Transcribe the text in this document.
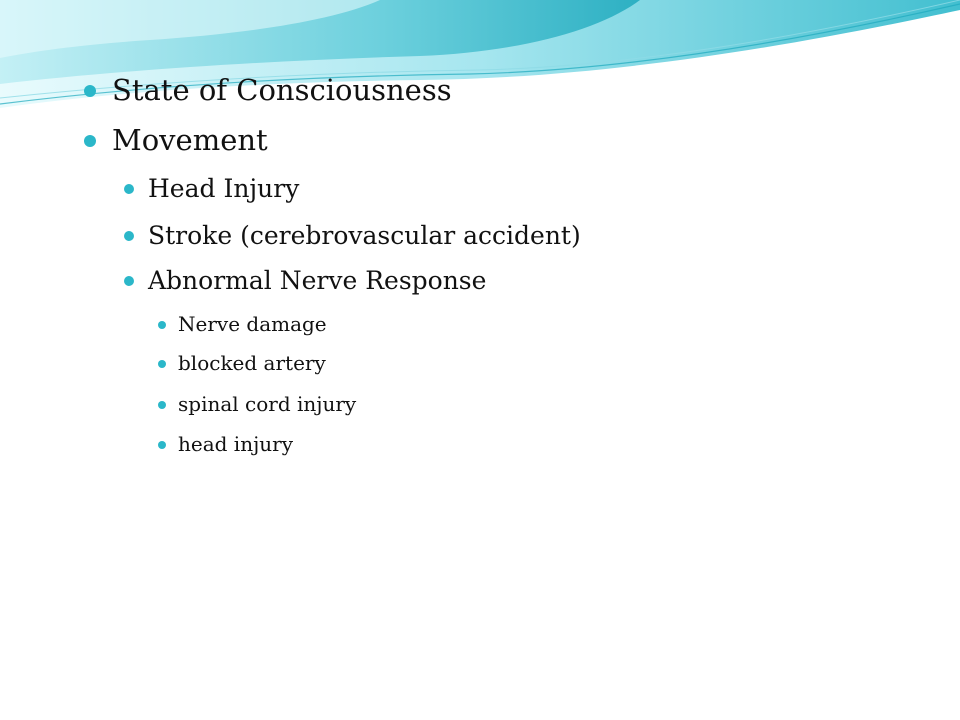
State of Consciousness
Movement
Head Injury
Stroke (cerebrovascular accident)
Abnormal Nerve Response
Nerve damage
blocked artery
spinal cord injury
head injury
